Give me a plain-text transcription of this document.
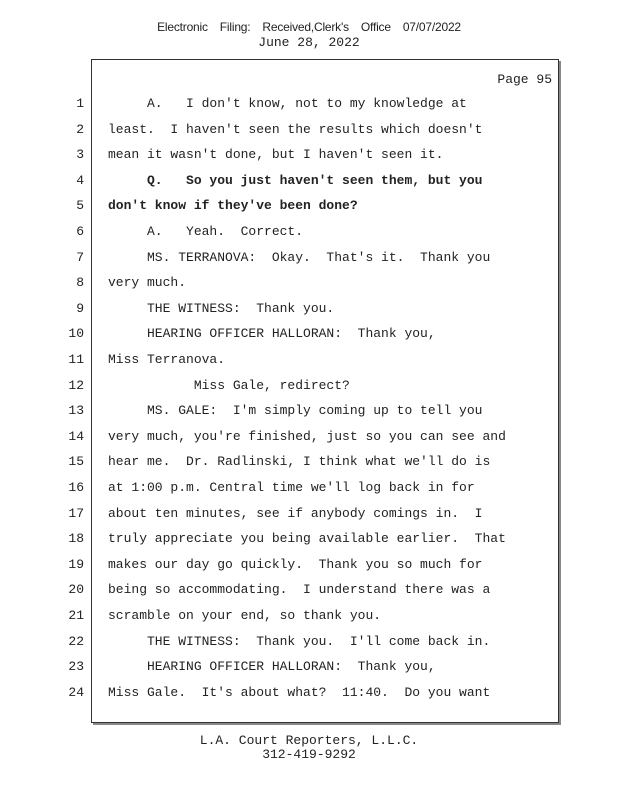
Electronic Filing: Received,Clerk's Office 07/07/2022
June 28, 2022
Page 95
1 A.   I don't know, not to my knowledge at
2 least.  I haven't seen the results which doesn't
3 mean it wasn't done, but I haven't seen it.
4 Q.   So you just haven't seen them, but you
5 don't know if they've been done?
6 A.   Yeah.  Correct.
7 MS. TERRANOVA:  Okay.  That's it.  Thank you
8 very much.
9 THE WITNESS:  Thank you.
10 HEARING OFFICER HALLORAN:  Thank you,
11 Miss Terranova.
12 Miss Gale, redirect?
13 MS. GALE:  I'm simply coming up to tell you
14 very much, you're finished, just so you can see and
15 hear me.  Dr. Radlinski, I think what we'll do is
16 at 1:00 p.m. Central time we'll log back in for
17 about ten minutes, see if anybody comings in.  I
18 truly appreciate you being available earlier.  That
19 makes our day go quickly.  Thank you so much for
20 being so accommodating.  I understand there was a
21 scramble on your end, so thank you.
22 THE WITNESS:  Thank you.  I'll come back in.
23 HEARING OFFICER HALLORAN:  Thank you,
24 Miss Gale.  It's about what?  11:40.  Do you want
L.A. Court Reporters, L.L.C.
312-419-9292
